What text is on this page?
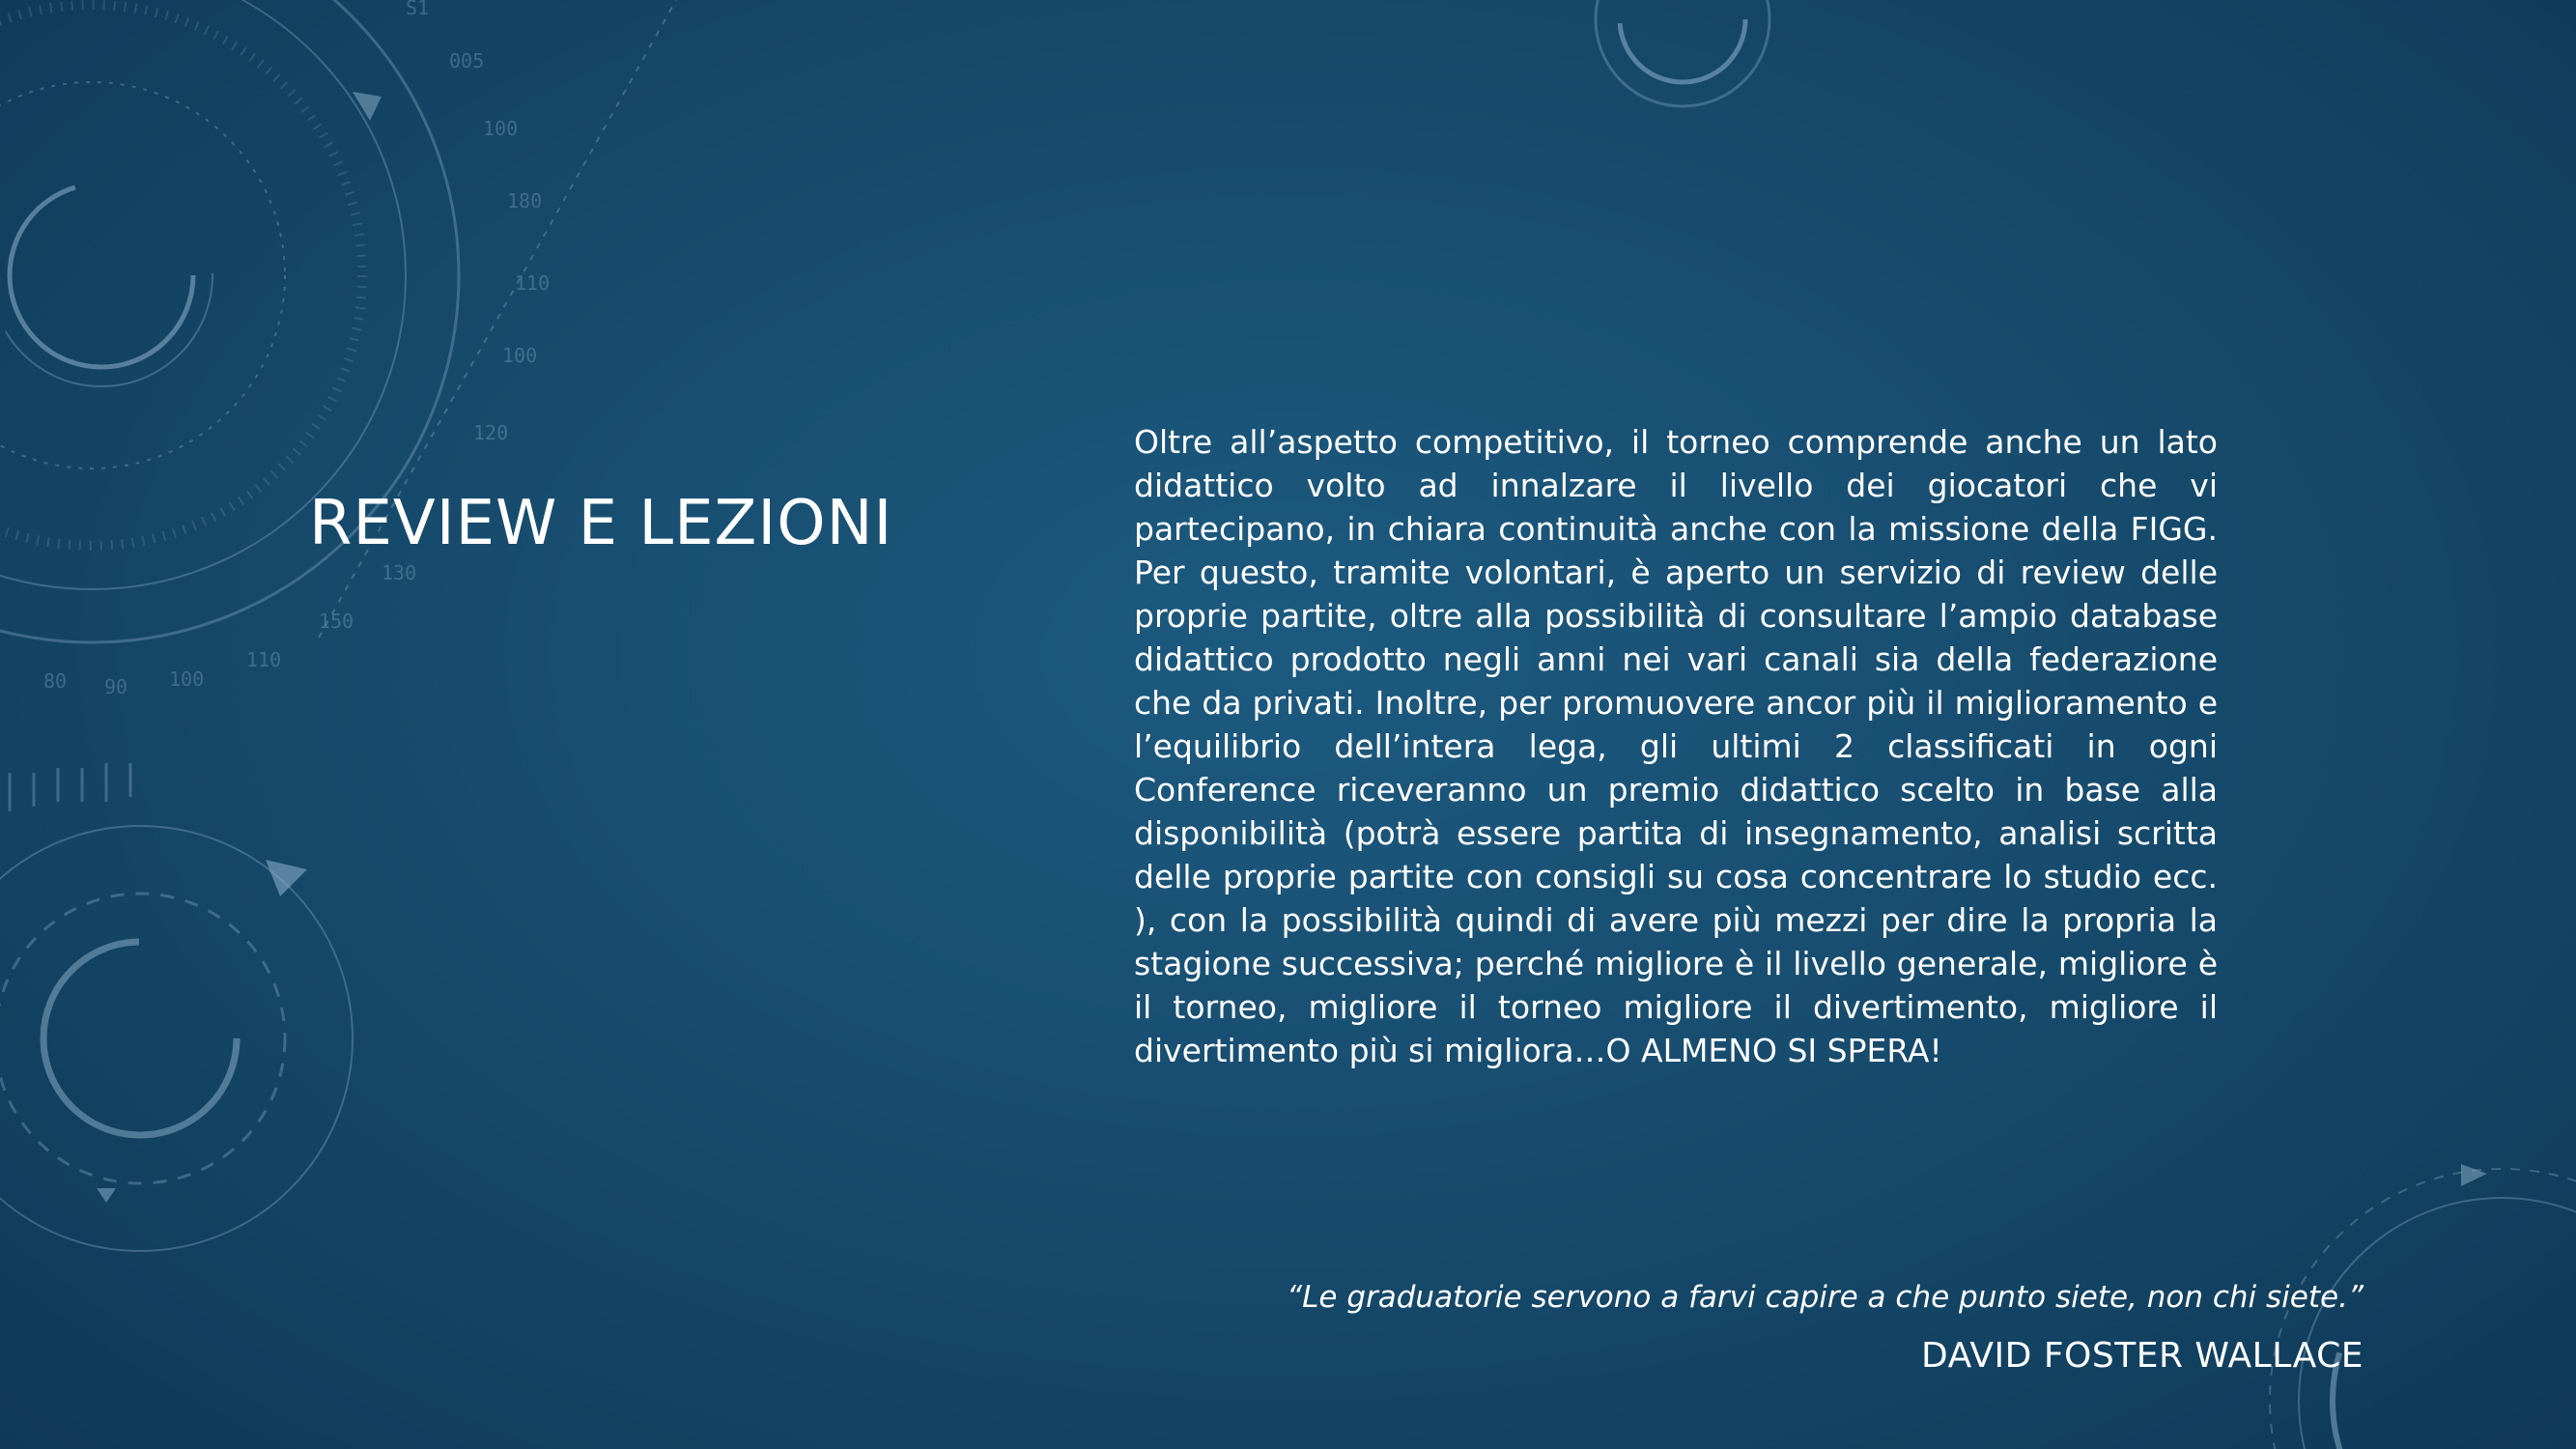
80 90 100
110
150
130
120
100
110
180
100
005
S1
REVIEW E LEZIONI

Oltre all’aspetto competitivo, il torneo comprende anche un lato didattico volto ad innalzare il livello dei giocatori che vi partecipano, in chiara continuità anche con la missione della FIGG. Per questo, tramite volontari, è aperto un servizio di review delle proprie partite, oltre alla possibilità di consultare l’ampio database didattico prodotto negli anni nei vari canali sia della federazione che da privati. Inoltre, per promuovere ancor più il miglioramento e l’equilibrio dell’intera lega, gli ultimi 2 classificati in ogni Conference riceveranno un premio didattico scelto in base alla disponibilità (potrà essere partita di insegnamento, analisi scritta delle proprie partite con consigli su cosa concentrare lo studio ecc. ), con la possibilità quindi di avere più mezzi per dire la propria la stagione successiva; perché migliore è il livello generale, migliore è il torneo, migliore il torneo migliore il divertimento, migliore il divertimento più si migliora…O ALMENO SI SPERA!

“Le graduatorie servono a farvi capire a che punto siete, non chi siete.”

DAVID FOSTER WALLACE
